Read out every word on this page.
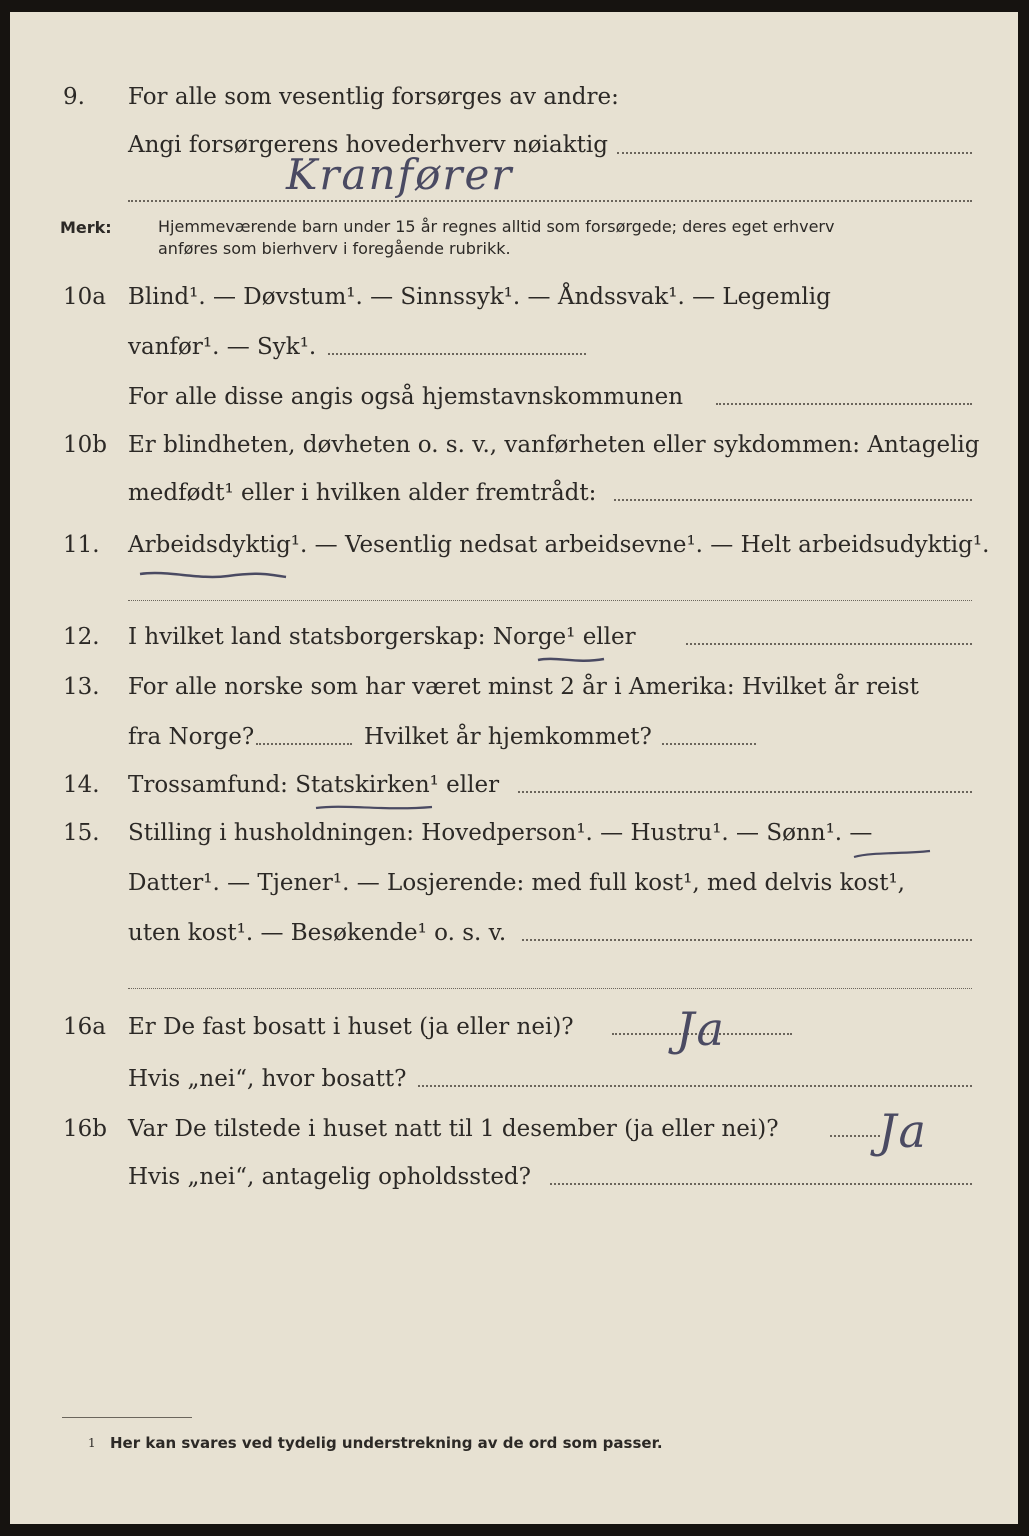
9. For alle som vesentlig forsørges av andre:
Angi forsørgerens hovederhverv nøiaktig
Kranfører
Merk:	Hjemmeværende barn under 15 år regnes alltid som forsørgede; deres eget erhverv
anføres som bierhverv i foregående rubrikk.
10a Blind¹. — Døvstum¹. — Sinnssyk¹. — Åndssvak¹. — Legemlig
vanfør¹. — Syk¹.
For alle disse angis også hjemstavnskommunen
10b Er blindheten, døvheten o. s. v., vanførheten eller sykdommen: Antagelig
medfødt¹ eller i hvilken alder fremtrådt:
11. Arbeidsdyktig¹. — Vesentlig nedsat arbeidsevne¹. — Helt arbeidsudyktig¹.
12. I hvilket land statsborgerskap: Norge¹ eller
13. For alle norske som har været minst 2 år i Amerika: Hvilket år reist
fra Norge?	Hvilket år hjemkommet?
14. Trossamfund: Statskirken¹ eller
15. Stilling i husholdningen: Hovedperson¹. — Hustru¹. — Sønn¹. —
Datter¹. — Tjener¹. — Losjerende: med full kost¹, med delvis kost¹,
uten kost¹. — Besøkende¹ o. s. v.
16a Er De fast bosatt i huset (ja eller nei)? Ja
Hvis „nei“, hvor bosatt?
16b Var De tilstede i huset natt til 1 desember (ja eller nei)? Ja
Hvis „nei“, antagelig opholdssted?
1 Her kan svares ved tydelig understrekning av de ord som passer.
